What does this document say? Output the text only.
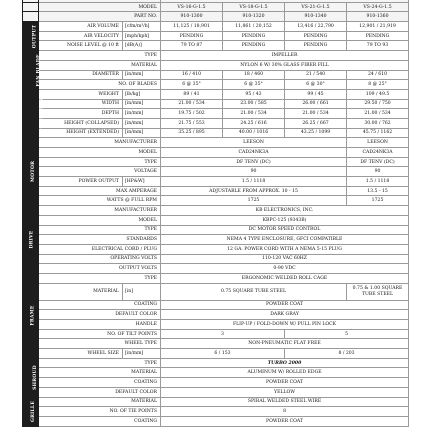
	MODEL		VS-16-G-1.5	VS-18-G-1.5	VS-21-G-1.5	VS-24-G-1.5
	PART NO.		910-1300	910-1320	910-1340	910-1360
OUTPUT	AIR VOLUME	[cfm/m³/h]	11,125 / 18,901	11,861 / 20,152	13,416 / 22,790	12,901 / 21,919
	AIR VELOCITY	[mph/kph]	PENDING	PENDING	PENDING	PENDING
	NOISE LEVEL @ 10 ft	[dB(A)]	79 TO 87	PENDING	PENDING	79 TO 93
FAN BLADE	TYPE		IMPELLER			
	MATERIAL		NYLON 6 W/ 30% GLASS FIBER FILL			
	DIAMETER	[in/mm]	16 / 410	18 / 460	21 / 540	24 / 610
	NO. OF BLADES		6 @ 35°	6 @ 35°	6 @ 30°	8 @ 25°
DIMENSIONS	WEIGHT	[lb/kg]	89 / 41	95 / 43	99 / 45	109 / 49.5
	WIDTH	[in/mm]	21.00 / 534	23.00 / 585	26.00 / 661	29.50 / 750
	DEPTH	[in/mm]	19.75 / 502	21.00 / 534	21.00 / 534	21.00 / 534
	HEIGHT (COLLAPSED)	[in/mm]	21.75 / 553	24.25 / 616	26.25 / 667	30.00 / 762
	HEIGHT (EXTENDED)	[in/mm]	35.25 / 895	40.00 / 1016	43.25 / 1099	45.75 / 1162
MOTOR	MANUFACTURER		LEESON			LEESON
	MODEL		CAD24NK3A			CAD24NK3A
	TYPE		DF TENV (DC)			DF TENV (DC)
	VOLTAGE		90			90
	POWER OUTPUT	[HP&W]	1.5 / 1118			1.5 / 1118
	MAX AMPERAGE		ADJUSTABLE FROM APPROX. 10 - 15			13.5 - 15
	WATTS @ FULL RPM		1725			1725
DRIVE	MANUFACTURER		KB ELECTRONICS, INC.			
	MODEL		KBPC-125 (9343B)			
	TYPE		DC MOTOR SPEED CONTROL			
	STANDARDS		NEMA 4 TYPE ENCLOSURE, GFCI COMPATIBLE			
	ELECTRICAL CORD / PLUG		12 GA. POWER CORD WITH A NEMA 5-15 PLUG			
	OPERATING VOLTS		110-120 VAC 60HZ			
	OUTPUT VOLTS		0-90 VDC			
FRAME	TYPE		ERGONOMIC WELDED ROLL CAGE			
	MATERIAL	[in]	0.75 SQUARE TUBE STEEL			0.75 & 1.00 SQUARE TUBE STEEL
	COATING		POWDER COAT			
	DEFAULT COLOR		DARK GRAY			
	HANDLE		FLIP-UP / FOLD-DOWN W/ PULL PIN LOCK			
	NO. OF TILT POINTS		3		5	
	WHEEL TYPE		NON-PNEUMATIC FLAT FREE			
	WHEEL SIZE	[in/mm]	6 / 153		8 / 203	
SHROUD	TYPE		TURBO 2000			
	MATERIAL		ALUMINUM W/ ROLLED EDGE			
	COATING		POWDER COAT			
	DEFAULT COLOR		YELLOW			
GRILLE	MATERIAL		SPIRAL WELDED STEEL WIRE			
	NO. OF TIE POINTS		8			
	COATING		POWDER COAT			
